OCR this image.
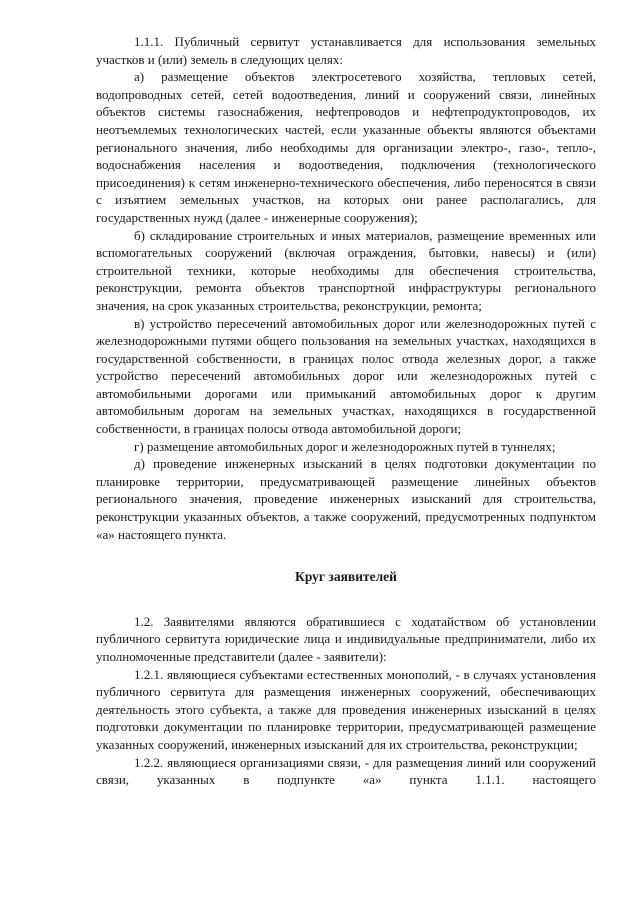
1.1.1. Публичный сервитут устанавливается для использования земельных участков и (или) земель в следующих целях:

а) размещение объектов электросетевого хозяйства, тепловых сетей, водопроводных сетей, сетей водоотведения, линий и сооружений связи, линейных объектов системы газоснабжения, нефтепроводов и нефтепродуктопроводов, их неотъемлемых технологических частей, если указанные объекты являются объектами регионального значения, либо необходимы для организации электро-, газо-, тепло-, водоснабжения населения и водоотведения, подключения (технологического присоединения) к сетям инженерно-технического обеспечения, либо переносятся в связи с изъятием земельных участков, на которых они ранее располагались, для государственных нужд (далее - инженерные сооружения);

б) складирование строительных и иных материалов, размещение временных или вспомогательных сооружений (включая ограждения, бытовки, навесы) и (или) строительной техники, которые необходимы для обеспечения строительства, реконструкции, ремонта объектов транспортной инфраструктуры регионального значения, на срок указанных строительства, реконструкции, ремонта;

в) устройство пересечений автомобильных дорог или железнодорожных путей с железнодорожными путями общего пользования на земельных участках, находящихся в государственной собственности, в границах полос отвода железных дорог, а также устройство пересечений автомобильных дорог или железнодорожных путей с автомобильными дорогами или примыканий автомобильных дорог к другим автомобильным дорогам на земельных участках, находящихся в государственной собственности, в границах полосы отвода автомобильной дороги;

г) размещение автомобильных дорог и железнодорожных путей в туннелях;

д) проведение инженерных изысканий в целях подготовки документации по планировке территории, предусматривающей размещение линейных объектов регионального значения, проведение инженерных изысканий для строительства, реконструкции указанных объектов, а также сооружений, предусмотренных подпунктом «а» настоящего пункта.

Круг заявителей

1.2. Заявителями являются обратившиеся с ходатайством об установлении публичного сервитута юридические лица и индивидуальные предприниматели, либо их уполномоченные представители (далее - заявители):

1.2.1. являющиеся субъектами естественных монополий, - в случаях установления публичного сервитута для размещения инженерных сооружений, обеспечивающих деятельность этого субъекта, а также для проведения инженерных изысканий в целях подготовки документации по планировке территории, предусматривающей размещение указанных сооружений, инженерных изысканий для их строительства, реконструкции;

1.2.2. являющиеся организациями связи, - для размещения линий или сооружений связи, указанных в подпункте «а» пункта 1.1.1. настоящего
